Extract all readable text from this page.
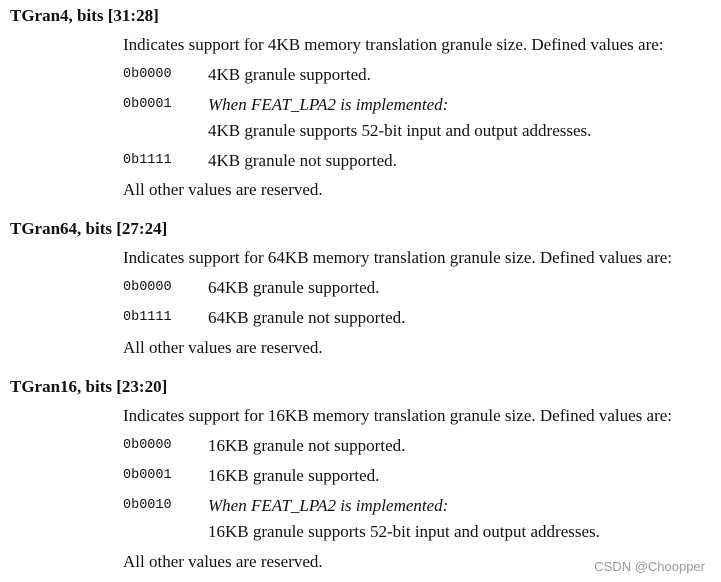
TGran4, bits [31:28]
Indicates support for 4KB memory translation granule size. Defined values are:
0b0000 4KB granule supported.
0b0001 When FEAT_LPA2 is implemented:
4KB granule supports 52-bit input and output addresses.
0b1111 4KB granule not supported.
All other values are reserved.
TGran64, bits [27:24]
Indicates support for 64KB memory translation granule size. Defined values are:
0b0000 64KB granule supported.
0b1111 64KB granule not supported.
All other values are reserved.
TGran16, bits [23:20]
Indicates support for 16KB memory translation granule size. Defined values are:
0b0000 16KB granule not supported.
0b0001 16KB granule supported.
0b0010 When FEAT_LPA2 is implemented:
16KB granule supports 52-bit input and output addresses.
All other values are reserved.	CSDN @Choopper
